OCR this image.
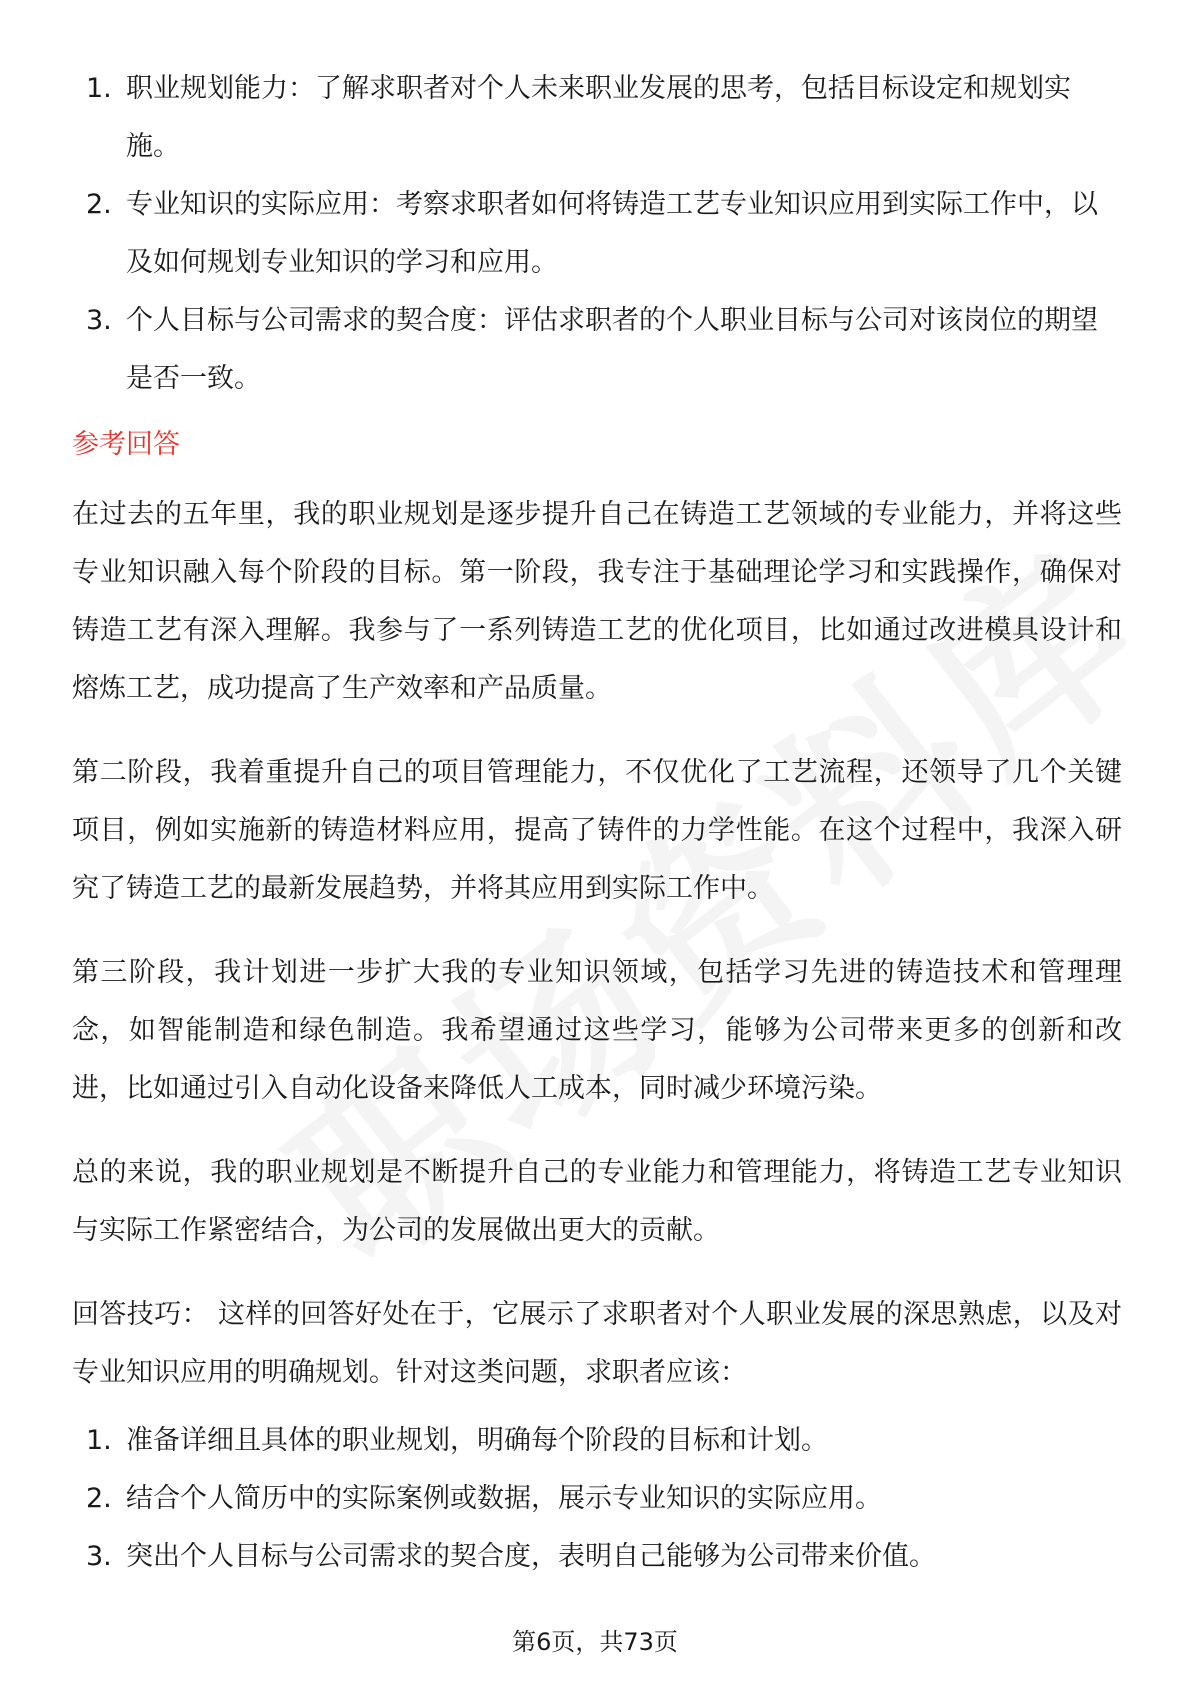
1. 职业规划能力：了解求职者对个人未来职业发展的思考，包括目标设定和规划实施。
2. 专业知识的实际应用：考察求职者如何将铸造工艺专业知识应用到实际工作中，以及如何规划专业知识的学习和应用。
3. 个人目标与公司需求的契合度：评估求职者的个人职业目标与公司对该岗位的期望是否一致。
参考回答

在过去的五年里，我的职业规划是逐步提升自己在铸造工艺领域的专业能力，并将这些专业知识融入每个阶段的目标。第一阶段，我专注于基础理论学习和实践操作，确保对铸造工艺有深入理解。我参与了一系列铸造工艺的优化项目，比如通过改进模具设计和熔炼工艺，成功提高了生产效率和产品质量。

第二阶段，我着重提升自己的项目管理能力，不仅优化了工艺流程，还领导了几个关键项目，例如实施新的铸造材料应用，提高了铸件的力学性能。在这个过程中，我深入研究了铸造工艺的最新发展趋势，并将其应用到实际工作中。

第三阶段，我计划进一步扩大我的专业知识领域，包括学习先进的铸造技术和管理理念，如智能制造和绿色制造。我希望通过这些学习，能够为公司带来更多的创新和改进，比如通过引入自动化设备来降低人工成本，同时减少环境污染。

总的来说，我的职业规划是不断提升自己的专业能力和管理能力，将铸造工艺专业知识与实际工作紧密结合，为公司的发展做出更大的贡献。

回答技巧： 这样的回答好处在于，它展示了求职者对个人职业发展的深思熟虑，以及对专业知识应用的明确规划。针对这类问题，求职者应该：

1. 准备详细且具体的职业规划，明确每个阶段的目标和计划。
2. 结合个人简历中的实际案例或数据，展示专业知识的实际应用。
3. 突出个人目标与公司需求的契合度，表明自己能够为公司带来价值。
第6页，共73页
